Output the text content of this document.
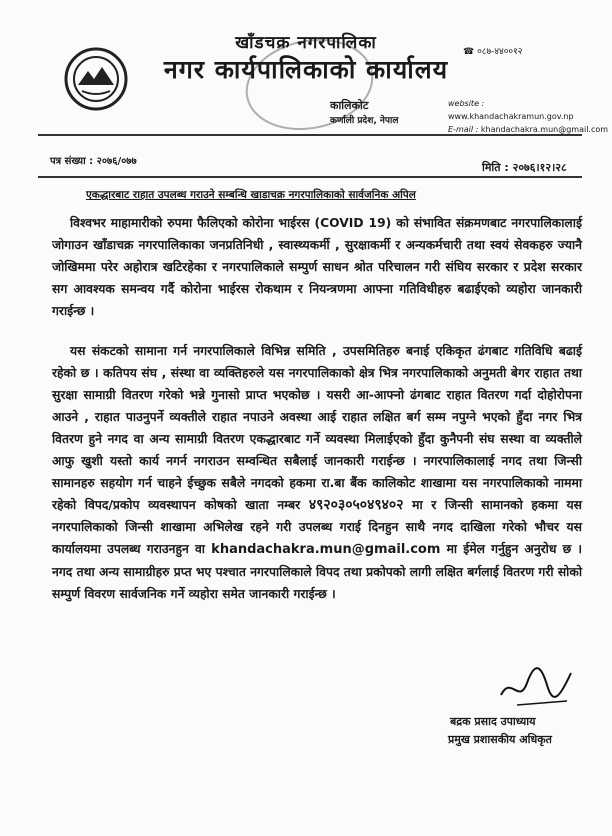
खाँडचक्र नगरपालिका
नगर कार्यपालिकाको कार्यालय
कालिकोट
कर्णाली प्रदेश, नेपाल
☎ ०८७-४४००१२
website : www.khandachakramun.gov.np
E-mail : khandachakra.mun@gmail.com
पत्र संख्या : २०७६/०७७	मिति : २०७६।१२।२८
एकद्धारबाट राहात उपलब्ध गराउने सम्बन्धि खाडाचक्र नगरपालिकाको सार्वजनिक अपिल
विश्वभर माहामारीको रुपमा फैलिएको कोरोना भाईरस (COVID 19) को संभावित संक्रमणबाट नगरपालिकालाई जोगाउन खाँडाचक्र नगरपालिकाका जनप्रतिनिधी , स्वास्थ्यकर्मी , सुरक्षाकर्मी र अन्यकर्मचारी तथा स्वयं सेवकहरु ज्यानै जोखिममा परेर अहोरात्र खटिरहेका र नगरपालिकाले सम्पुर्ण साधन श्रोत परिचालन गरी संघिय सरकार र प्रदेश सरकार सग आवश्यक समन्वय गर्दै कोरोना भाईरस रोकथाम र नियन्त्रणमा आफ्ना गतिविधीहरु बढाईएको व्यहोरा जानकारी गराईन्छ ।
यस संकटको सामाना गर्न नगरपालिकाले विभिन्न समिति , उपसमितिहरु बनाई एकिकृत ढंगबाट गतिविधि बढाई रहेको छ । कतिपय संघ , संस्था वा व्यक्तिहरुले यस नगरपालिकाको क्षेत्र भित्र नगरपालिकाको अनुमती बेगर राहात तथा सुरक्षा सामाग्री वितरण गरेको भन्ने गुनासो प्राप्त भएकोछ । यसरी आ-आफ्नो ढंगबाट राहात वितरण गर्दा दोहोरोपना आउने , राहात पाउनुपर्ने व्यक्तीले राहात नपाउने अवस्था आई राहात लक्षित बर्ग सम्म नपुग्ने भएको हुँदा नगर भित्र वितरण हुने नगद वा अन्य सामाग्री वितरण एकद्धारबाट गर्ने व्यवस्था मिलाईएको हुँदा कुनैपनी संघ सस्था वा व्यक्तीले आफु खुशी यस्तो कार्य नगर्न नगराउन सम्वन्धित सबैलाई जानकारी गराईन्छ । नगरपालिकालाई नगद तथा जिन्सी सामानहरु सहयोग गर्न चाहने ईच्छुक सबैले नगदको हकमा रा.बा बैंक कालिकोट शाखामा यस नगरपालिकाको नाममा रहेको विपद/प्रकोप व्यवस्थापन कोषको खाता नम्बर ४९२०३०५०४९४०२ मा र जिन्सी सामानको हकमा यस नगरपालिकाको जिन्सी शाखामा अभिलेख रहने गरी उपलब्ध गराई दिनहुन साथै नगद दाखिला गरेको भौचर यस कार्यालयमा उपलब्ध गराउनहुन वा khandachakra.mun@gmail.com मा ईमेल गर्नुहुन अनुरोध छ । नगद तथा अन्य सामाग्रीहरु प्रप्त भए पश्चात नगरपालिकाले विपद तथा प्रकोपको लागी लक्षित बर्गलाई वितरण गरी सोको सम्पुर्ण विवरण सार्वजनिक गर्ने व्यहोरा समेत जानकारी गराईन्छ ।
बद्रक प्रसाद उपाध्याय
प्रमुख प्रशासकीय अधिकृत
